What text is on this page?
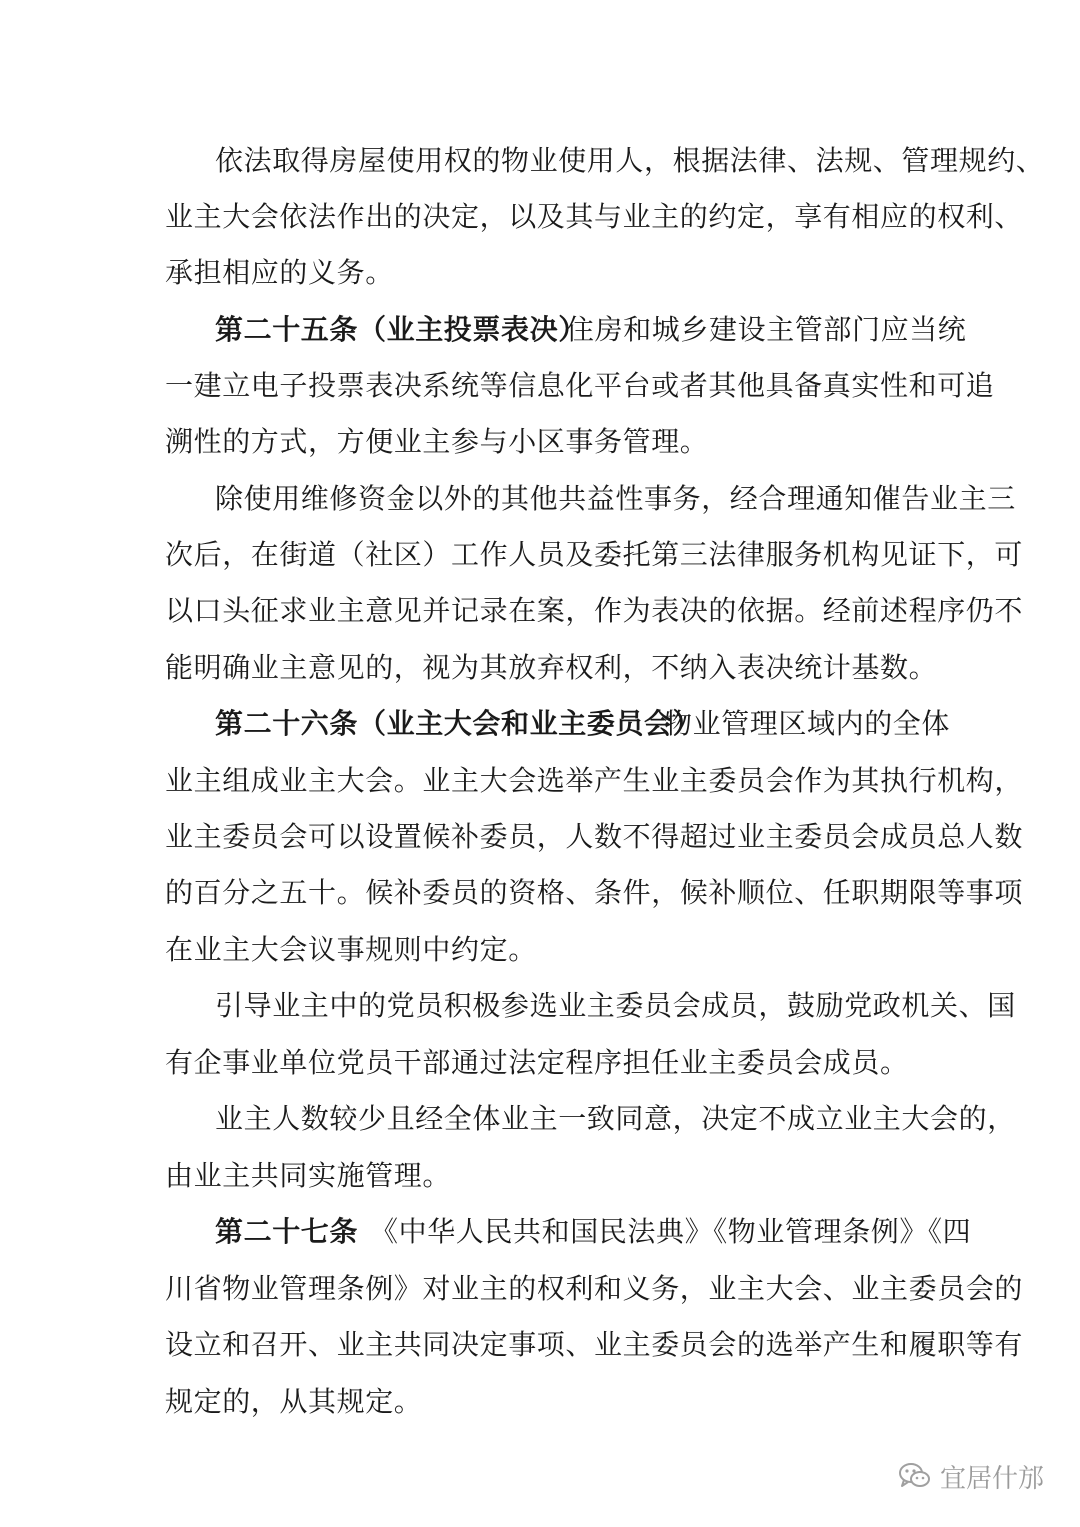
依法取得房屋使用权的物业使用人，根据法律、法规、管理规约、
业主大会依法作出的决定，以及其与业主的约定，享有相应的权利、
承担相应的义务。
第二十五条（业主投票表决）
住房和城乡建设主管部门应当统
一建立电子投票表决系统等信息化平台或者其他具备真实性和可追
溯性的方式，方便业主参与小区事务管理。
除使用维修资金以外的其他共益性事务，经合理通知催告业主三
次后，在街道（社区）工作人员及委托第三法律服务机构见证下，可
以口头征求业主意见并记录在案，作为表决的依据。经前述程序仍不
能明确业主意见的，视为其放弃权利，不纳入表决统计基数。
第二十六条（业主大会和业主委员会）
物业管理区域内的全体
业主组成业主大会。业主大会选举产生业主委员会作为其执行机构，
业主委员会可以设置候补委员，人数不得超过业主委员会成员总人数
的百分之五十。候补委员的资格、条件，候补顺位、任职期限等事项
在业主大会议事规则中约定。
引导业主中的党员积极参选业主委员会成员，鼓励党政机关、国
有企事业单位党员干部通过法定程序担任业主委员会成员。
业主人数较少且经全体业主一致同意，决定不成立业主大会的，
由业主共同实施管理。
第二十七条 《中华人民共和国民法典》《物业管理条例》《四
川省物业管理条例》对业主的权利和义务，业主大会、业主委员会的
设立和召开、业主共同决定事项、业主委员会的选举产生和履职等有
规定的，从其规定。
宜居什邡
